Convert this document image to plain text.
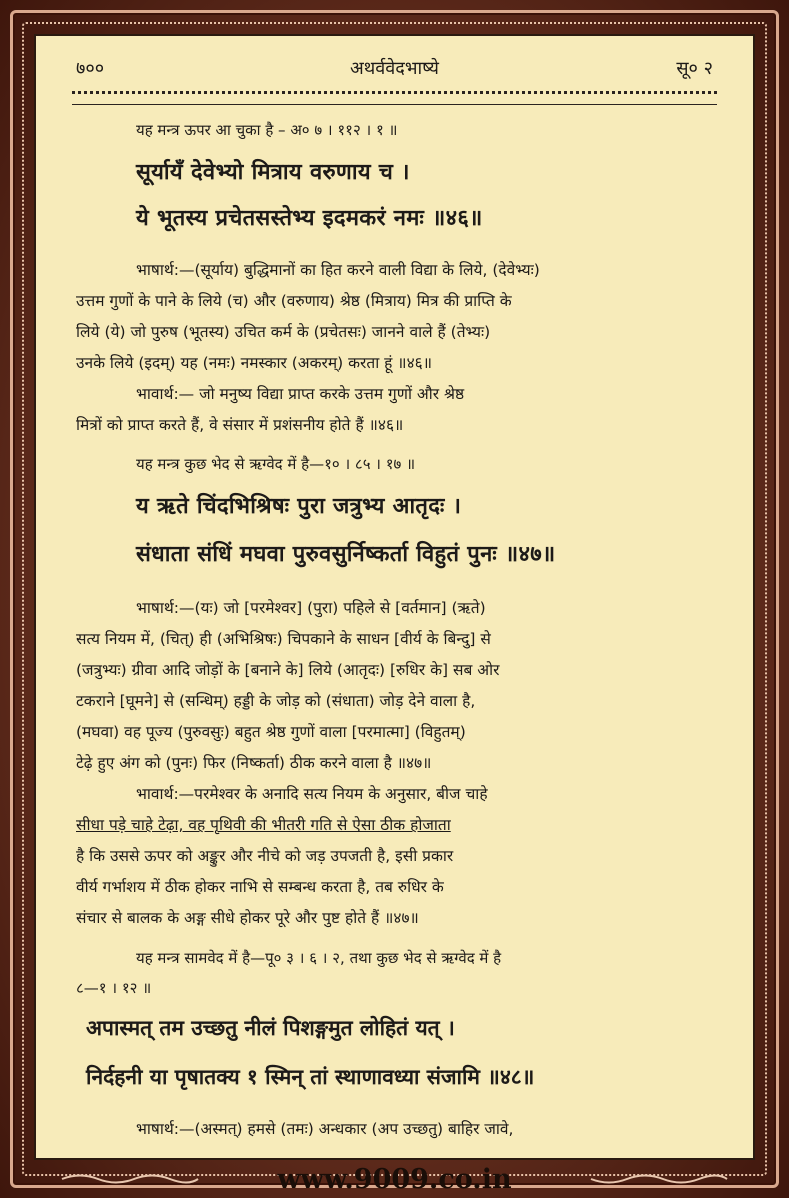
७००	अथर्ववेदभाष्ये	सू० २
यह मन्त्र ऊपर आ चुका है – अ० ७ । ११२ । १ ॥
सूर्यायँ देवेभ्यो मित्राय वरुणाय च ।
ये भूतस्य प्रचेतसस्तेभ्य इदमकरं नमः ॥४६॥
भाषार्थ:—(सूर्याय) बुद्धिमानों का हित करने वाली विद्या के लिये, (देवेभ्यः)
उत्तम गुणों के पाने के लिये (च) और (वरुणाय) श्रेष्ठ (मित्राय) मित्र की प्राप्ति के
लिये (ये) जो पुरुष (भूतस्य) उचित कर्म के (प्रचेतसः) जानने वाले हैं (तेभ्यः)
उनके लिये (इदम्) यह (नमः) नमस्कार (अकरम्) करता हूं ॥४६॥
भावार्थ:— जो मनुष्य विद्या प्राप्त करके उत्तम गुणों और श्रेष्ठ
मित्रों को प्राप्त करते हैं, वे संसार में प्रशंसनीय होते हैं ॥४६॥
यह मन्त्र कुछ भेद से ऋग्वेद में है—१० । ८५ । १७ ॥
य ऋते चिंदभिश्रिषः पुरा जत्रुभ्य आतृदः ।
संधाता संधिं मघवा पुरुवसुर्निष्कर्ता विहुतं पुनः ॥४७॥
भाषार्थ:—(यः) जो [परमेश्वर] (पुरा) पहिले से [वर्तमान] (ऋते)
सत्य नियम में, (चित्) ही (अभिश्रिषः) चिपकाने के साधन [वीर्य के बिन्दु] से
(जत्रुभ्यः) ग्रीवा आदि जोड़ों के [बनाने के] लिये (आतृदः) [रुधिर के] सब ओर
टकराने [घूमने] से (सन्धिम्) हड्डी के जोड़ को (संधाता) जोड़ देने वाला है,
(मघवा) वह पूज्य (पुरुवसुः) बहुत श्रेष्ठ गुणों वाला [परमात्मा] (विहुतम्)
टेढ़े हुए अंग को (पुनः) फिर (निष्कर्ता) ठीक करने वाला है ॥४७॥
भावार्थ:—परमेश्वर के अनादि सत्य नियम के अनुसार, बीज चाहे
सीधा पड़े चाहे टेढ़ा, वह पृथिवी की भीतरी गति से ऐसा ठीक होजाता
है कि उससे ऊपर को अङ्कुर और नीचे को जड़ उपजती है, इसी प्रकार
वीर्य गर्भाशय में ठीक होकर नाभि से सम्बन्ध करता है, तब रुधिर के
संचार से बालक के अङ्ग सीधे होकर पूरे और पुष्ट होते हैं ॥४७॥
यह मन्त्र सामवेद में है—पू० ३ । ६ । २, तथा कुछ भेद से ऋग्वेद में है
८—१ । १२ ॥
अपास्मत् तम उच्छतु नीलं पिशङ्गमुत लोहितं यत् ।
निर्दहनी या पृषातक्य १ स्मिन् तां स्थाणावध्या संजामि ॥४८॥
भाषार्थ:—(अस्मत्) हमसे (तमः) अन्धकार (अप उच्छतु) बाहिर जावे,
www.9009.co.in
